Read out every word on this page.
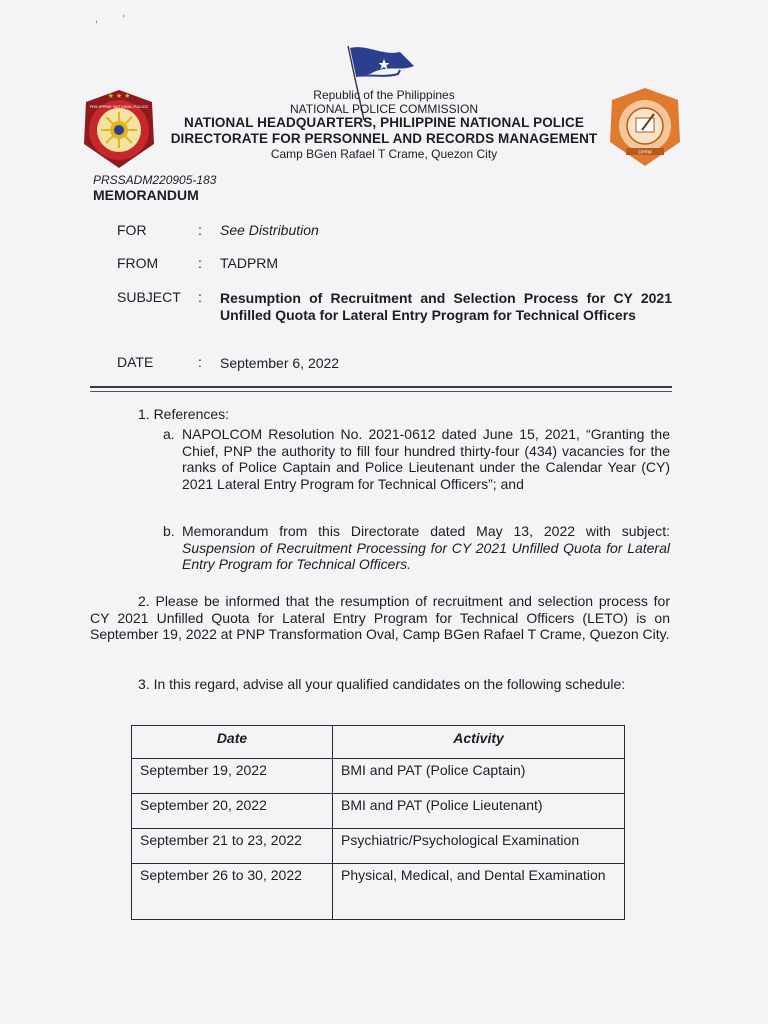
,         '
★ ★ ★
PHILIPPINE NATIONAL POLICE
DPRM
Republic of the Philippines
NATIONAL POLICE COMMISSION
NATIONAL HEADQUARTERS, PHILIPPINE NATIONAL POLICE
DIRECTORATE FOR PERSONNEL AND RECORDS MANAGEMENT
Camp BGen Rafael T Crame, Quezon City
PRSSADM220905-183
MEMORANDUM
FOR	: See Distribution
FROM	: TADPRM
SUBJECT : Resumption of Recruitment and Selection Process for CY 2021 Unfilled Quota for Lateral Entry Program for Technical Officers
DATE	: September 6, 2022
1. References:
a. NAPOLCOM Resolution No. 2021-0612 dated June 15, 2021, “Granting the Chief, PNP the authority to fill four hundred thirty-four (434) vacancies for the ranks of Police Captain and Police Lieutenant under the Calendar Year (CY) 2021 Lateral Entry Program for Technical Officers”; and
b. Memorandum from this Directorate dated May 13, 2022 with subject: Suspension of Recruitment Processing for CY 2021 Unfilled Quota for Lateral Entry Program for Technical Officers.
2. Please be informed that the resumption of recruitment and selection process for CY 2021 Unfilled Quota for Lateral Entry Program for Technical Officers (LETO) is on September 19, 2022 at PNP Transformation Oval, Camp BGen Rafael T Crame, Quezon City.
3. In this regard, advise all your qualified candidates on the following schedule:
Date	Activity
September 19, 2022	BMI and PAT (Police Captain)
September 20, 2022	BMI and PAT (Police Lieutenant)
September 21 to 23, 2022	Psychiatric/Psychological Examination
September 26 to 30, 2022	Physical, Medical, and Dental Examination
